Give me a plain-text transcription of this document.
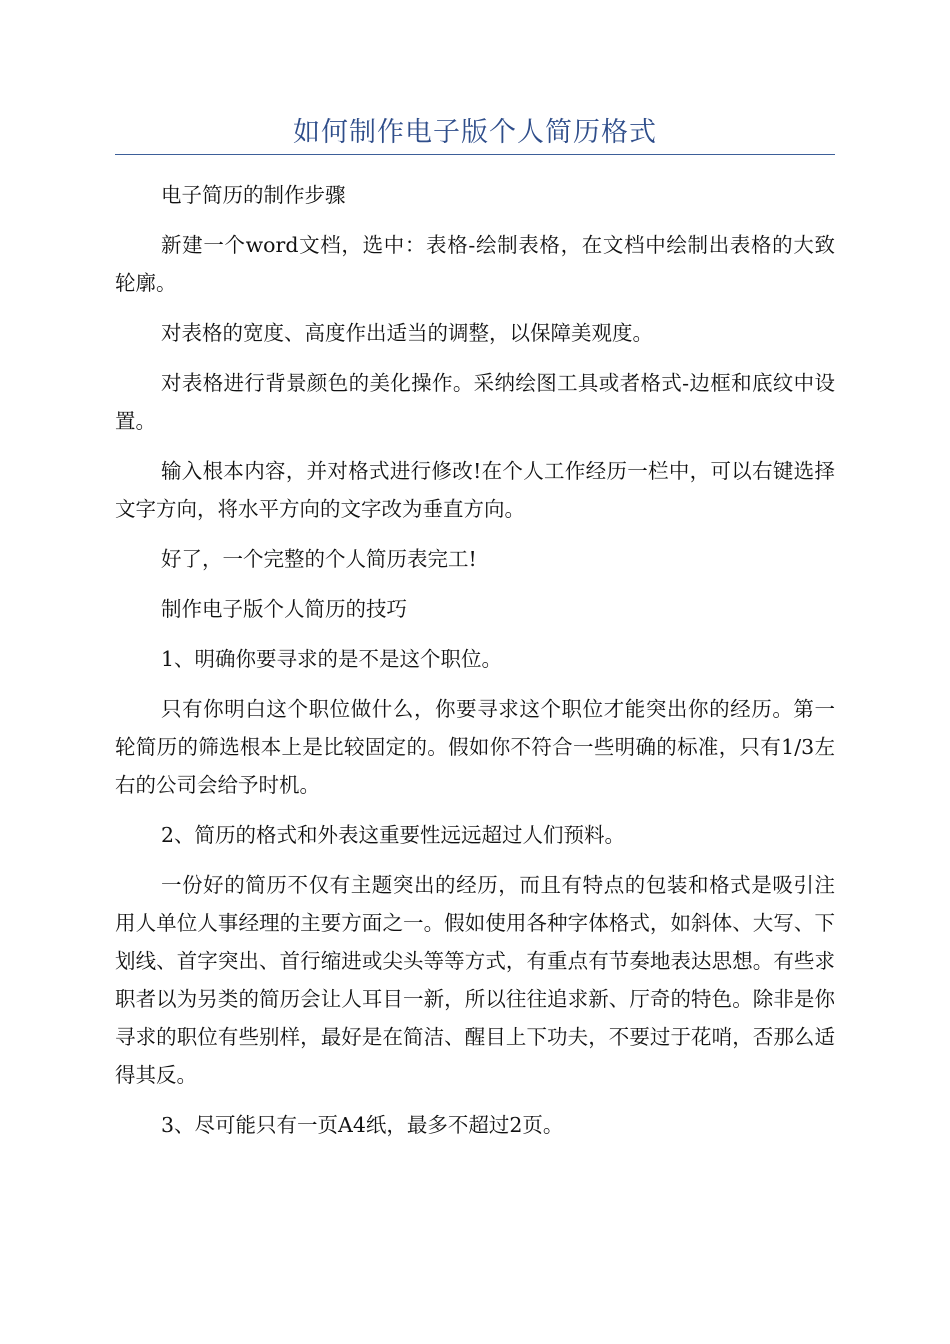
如何制作电子版个人简历格式

电子简历的制作步骤

新建一个word文档，选中：表格-绘制表格，在文档中绘制出表格的大致轮廓。

对表格的宽度、高度作出适当的调整，以保障美观度。

对表格进行背景颜色的美化操作。采纳绘图工具或者格式-边框和底纹中设置。

输入根本内容，并对格式进行修改!在个人工作经历一栏中，可以右键选择文字方向，将水平方向的文字改为垂直方向。

好了，一个完整的个人简历表完工!

制作电子版个人简历的技巧

1、明确你要寻求的是不是这个职位。

只有你明白这个职位做什么，你要寻求这个职位才能突出你的经历。第一轮简历的筛选根本上是比较固定的。假如你不符合一些明确的标准，只有1/3左右的公司会给予时机。

2、简历的格式和外表这重要性远远超过人们预料。

一份好的简历不仅有主题突出的经历，而且有特点的包装和格式是吸引注用人单位人事经理的主要方面之一。假如使用各种字体格式，如斜体、大写、下划线、首字突出、首行缩进或尖头等等方式，有重点有节奏地表达思想。有些求职者以为另类的简历会让人耳目一新，所以往往追求新、厅奇的特色。除非是你寻求的职位有些别样，最好是在简洁、醒目上下功夫，不要过于花哨，否那么适得其反。

3、尽可能只有一页A4纸，最多不超过2页。
